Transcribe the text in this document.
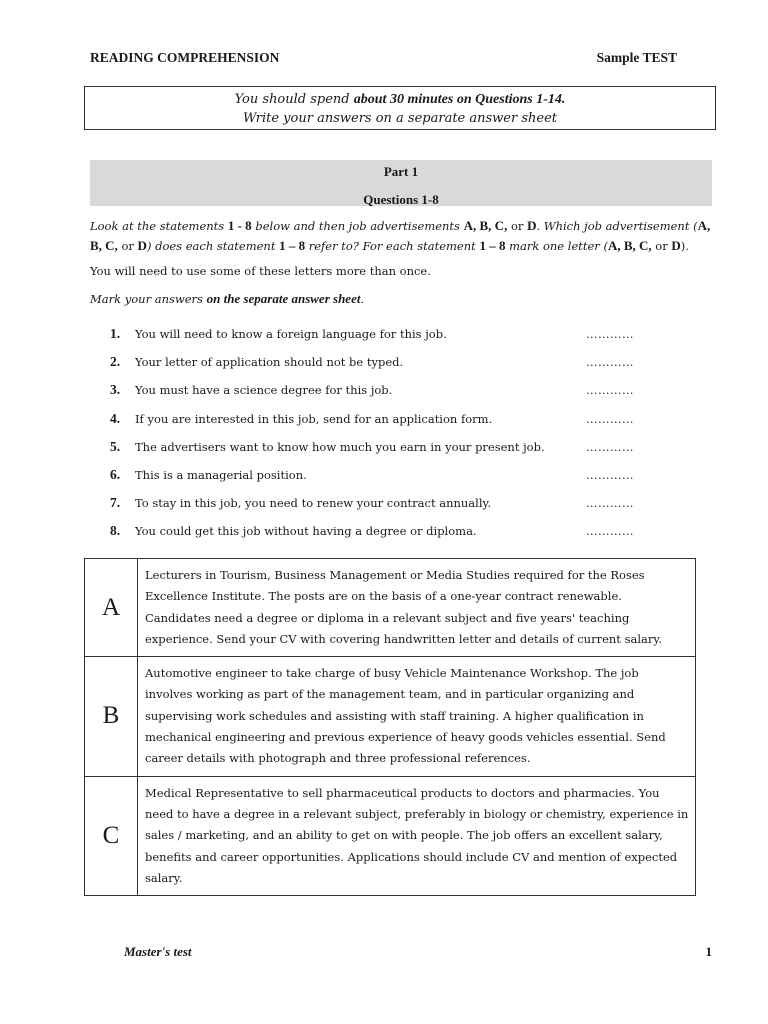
READING COMPREHENSION	Sample TEST
You should spend about 30 minutes on Questions 1-14.
Write your answers on a separate answer sheet
Part 1
Questions 1-8
Look at the statements 1 - 8 below and then job advertisements A, B, C, or D. Which job advertisement (A, B, C, or D) does each statement 1 – 8 refer to? For each statement 1 – 8 mark one letter (A, B, C, or D).
You will need to use some of these letters more than once.
Mark your answers on the separate answer sheet.
1. You will need to know a foreign language for this job.	…………
2. Your letter of application should not be typed.	…………
3. You must have a science degree for this job.	…………
4. If you are interested in this job, send for an application form.	…………
5. The advertisers want to know how much you earn in your present job.	…………
6. This is a managerial position.	…………
7. To stay in this job, you need to renew your contract annually.	…………
8. You could get this job without having a degree or diploma.	…………
A	Lecturers in Tourism, Business Management or Media Studies required for the Roses Excellence Institute. The posts are on the basis of a one-year contract renewable. Candidates need a degree or diploma in a relevant subject and five years' teaching experience. Send your CV with covering handwritten letter and details of current salary.
B	Automotive engineer to take charge of busy Vehicle Maintenance Workshop. The job involves working as part of the management team, and in particular organizing and supervising work schedules and assisting with staff training. A higher qualification in mechanical engineering and previous experience of heavy goods vehicles essential. Send career details with photograph and three professional references.
C	Medical Representative to sell pharmaceutical products to doctors and pharmacies. You need to have a degree in a relevant subject, preferably in biology or chemistry, experience in sales / marketing, and an ability to get on with people. The job offers an excellent salary, benefits and career opportunities. Applications should include CV and mention of expected salary.
Master's test	1
